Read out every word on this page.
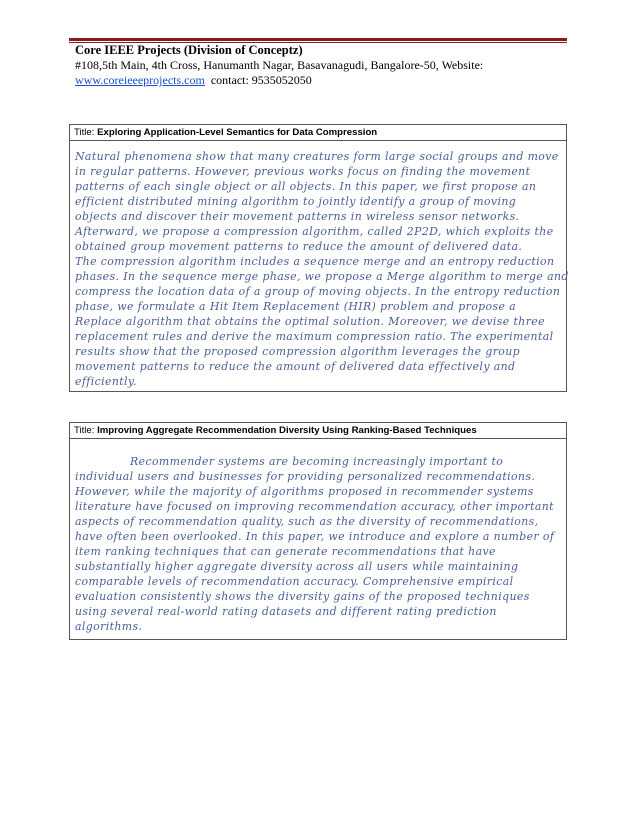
Core IEEE Projects (Division of Conceptz)
#108,5th Main, 4th Cross, Hanumanth Nagar, Basavanagudi, Bangalore-50, Website:
www.coreieeeprojects.com  contact: 9535052050
Title: Exploring Application-Level Semantics for Data Compression
Natural phenomena show that many creatures form large social groups and move
in regular patterns. However, previous works focus on finding the movement
patterns of each single object or all objects. In this paper, we first propose an
efficient distributed mining algorithm to jointly identify a group of moving
objects and discover their movement patterns in wireless sensor networks.
Afterward, we propose a compression algorithm, called 2P2D, which exploits the
obtained group movement patterns to reduce the amount of delivered data.
The compression algorithm includes a sequence merge and an entropy reduction
phases. In the sequence merge phase, we propose a Merge algorithm to merge and
compress the location data of a group of moving objects. In the entropy reduction
phase, we formulate a Hit Item Replacement (HIR) problem and propose a
Replace algorithm that obtains the optimal solution. Moreover, we devise three
replacement rules and derive the maximum compression ratio. The experimental
results show that the proposed compression algorithm leverages the group
movement patterns to reduce the amount of delivered data effectively and
efficiently.
Title: Improving Aggregate Recommendation Diversity Using Ranking-Based Techniques
Recommender systems are becoming increasingly important to
individual users and businesses for providing personalized recommendations.
However, while the majority of algorithms proposed in recommender systems
literature have focused on improving recommendation accuracy, other important
aspects of recommendation quality, such as the diversity of recommendations,
have often been overlooked. In this paper, we introduce and explore a number of
item ranking techniques that can generate recommendations that have
substantially higher aggregate diversity across all users while maintaining
comparable levels of recommendation accuracy. Comprehensive empirical
evaluation consistently shows the diversity gains of the proposed techniques
using several real-world rating datasets and different rating prediction
algorithms.
